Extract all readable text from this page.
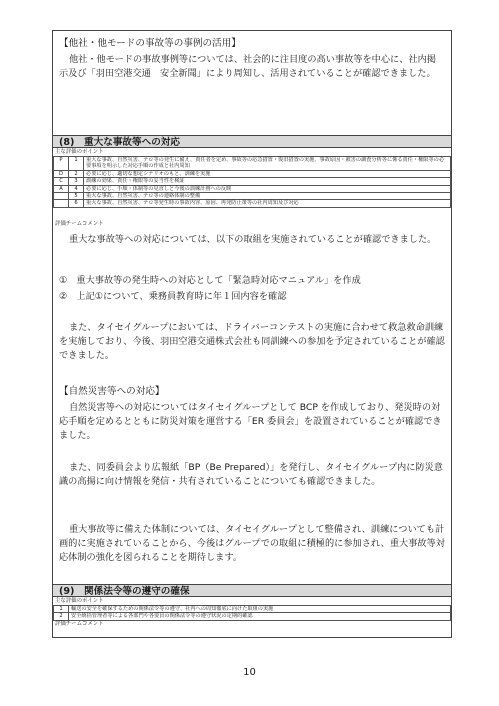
【他社・他モードの事故等の事例の活用】

他社・他モードの事故事例等については、社会的に注目度の高い事故等を中心に、社内掲示及び「羽田空港交通　安全新聞」により周知し、活用されていることが確認できました。

(8)　重大な事故等への対応
主な評価のポイント
P	1	重大な事故、自然災害、テロ等の発生に備え、責任者を定め、事故等の応急措置・復旧措置の実施、事故原因・被害の調査分析等に係る責任・権限等の必要事項を明示した対応手順の作成と社内周知
D	2	必要に応じ、適切な想定シナリオのもと、訓練を実施
C	3	訓練の効果、責任・権限等の妥当性を検証
A	4	必要に応じ、手順・体制等の見直しと今後の訓練計画への反映
	5	重大な事故、自然災害、テロ等の連絡体制の整備
	6	重大な事故、自然災害、テロ等発生時の事故内容、原因、再発防止策等の社内周知及び対応
評価チームコメント

重大な事故等への対応については、以下の取組を実施されていることが確認できました。

①　重大事故等の発生時への対応として「緊急時対応マニュアル」を作成

②　上記①について、乗務員教育時に年１回内容を確認

また、タイセイグループにおいては、ドライバーコンテストの実施に合わせて救急救命訓練を実施しており、今後、羽田空港交通株式会社も同訓練への参加を予定されていることが確認できました。

【自然災害等への対応】

自然災害等への対応についてはタイセイグループとして BCP を作成しており、発災時の対応手順を定めるとともに防災対策を運営する「ER 委員会」を設置されていることが確認できました。

また、同委員会より広報紙「BP（Be Prepared）」を発行し、タイセイグループ内に防災意識の高揚に向け情報を発信・共有されていることについても確認できました。

重大事故等に備えた体制については、タイセイグループとして整備され、訓練についても計画的に実施されていることから、今後はグループでの取組に積極的に参加され、重大事故等対応体制の強化を図られることを期待します。

(9)　関係法令等の遵守の確保
主な評価のポイント
1	輸送の安全を確保するための関係法令等の遵守、社内への周知徹底に向けた取組の実施
2	安全統括管理者等による各部門や各要員の関係法令等の遵守状況の定期的確認
評価チームコメント
10
